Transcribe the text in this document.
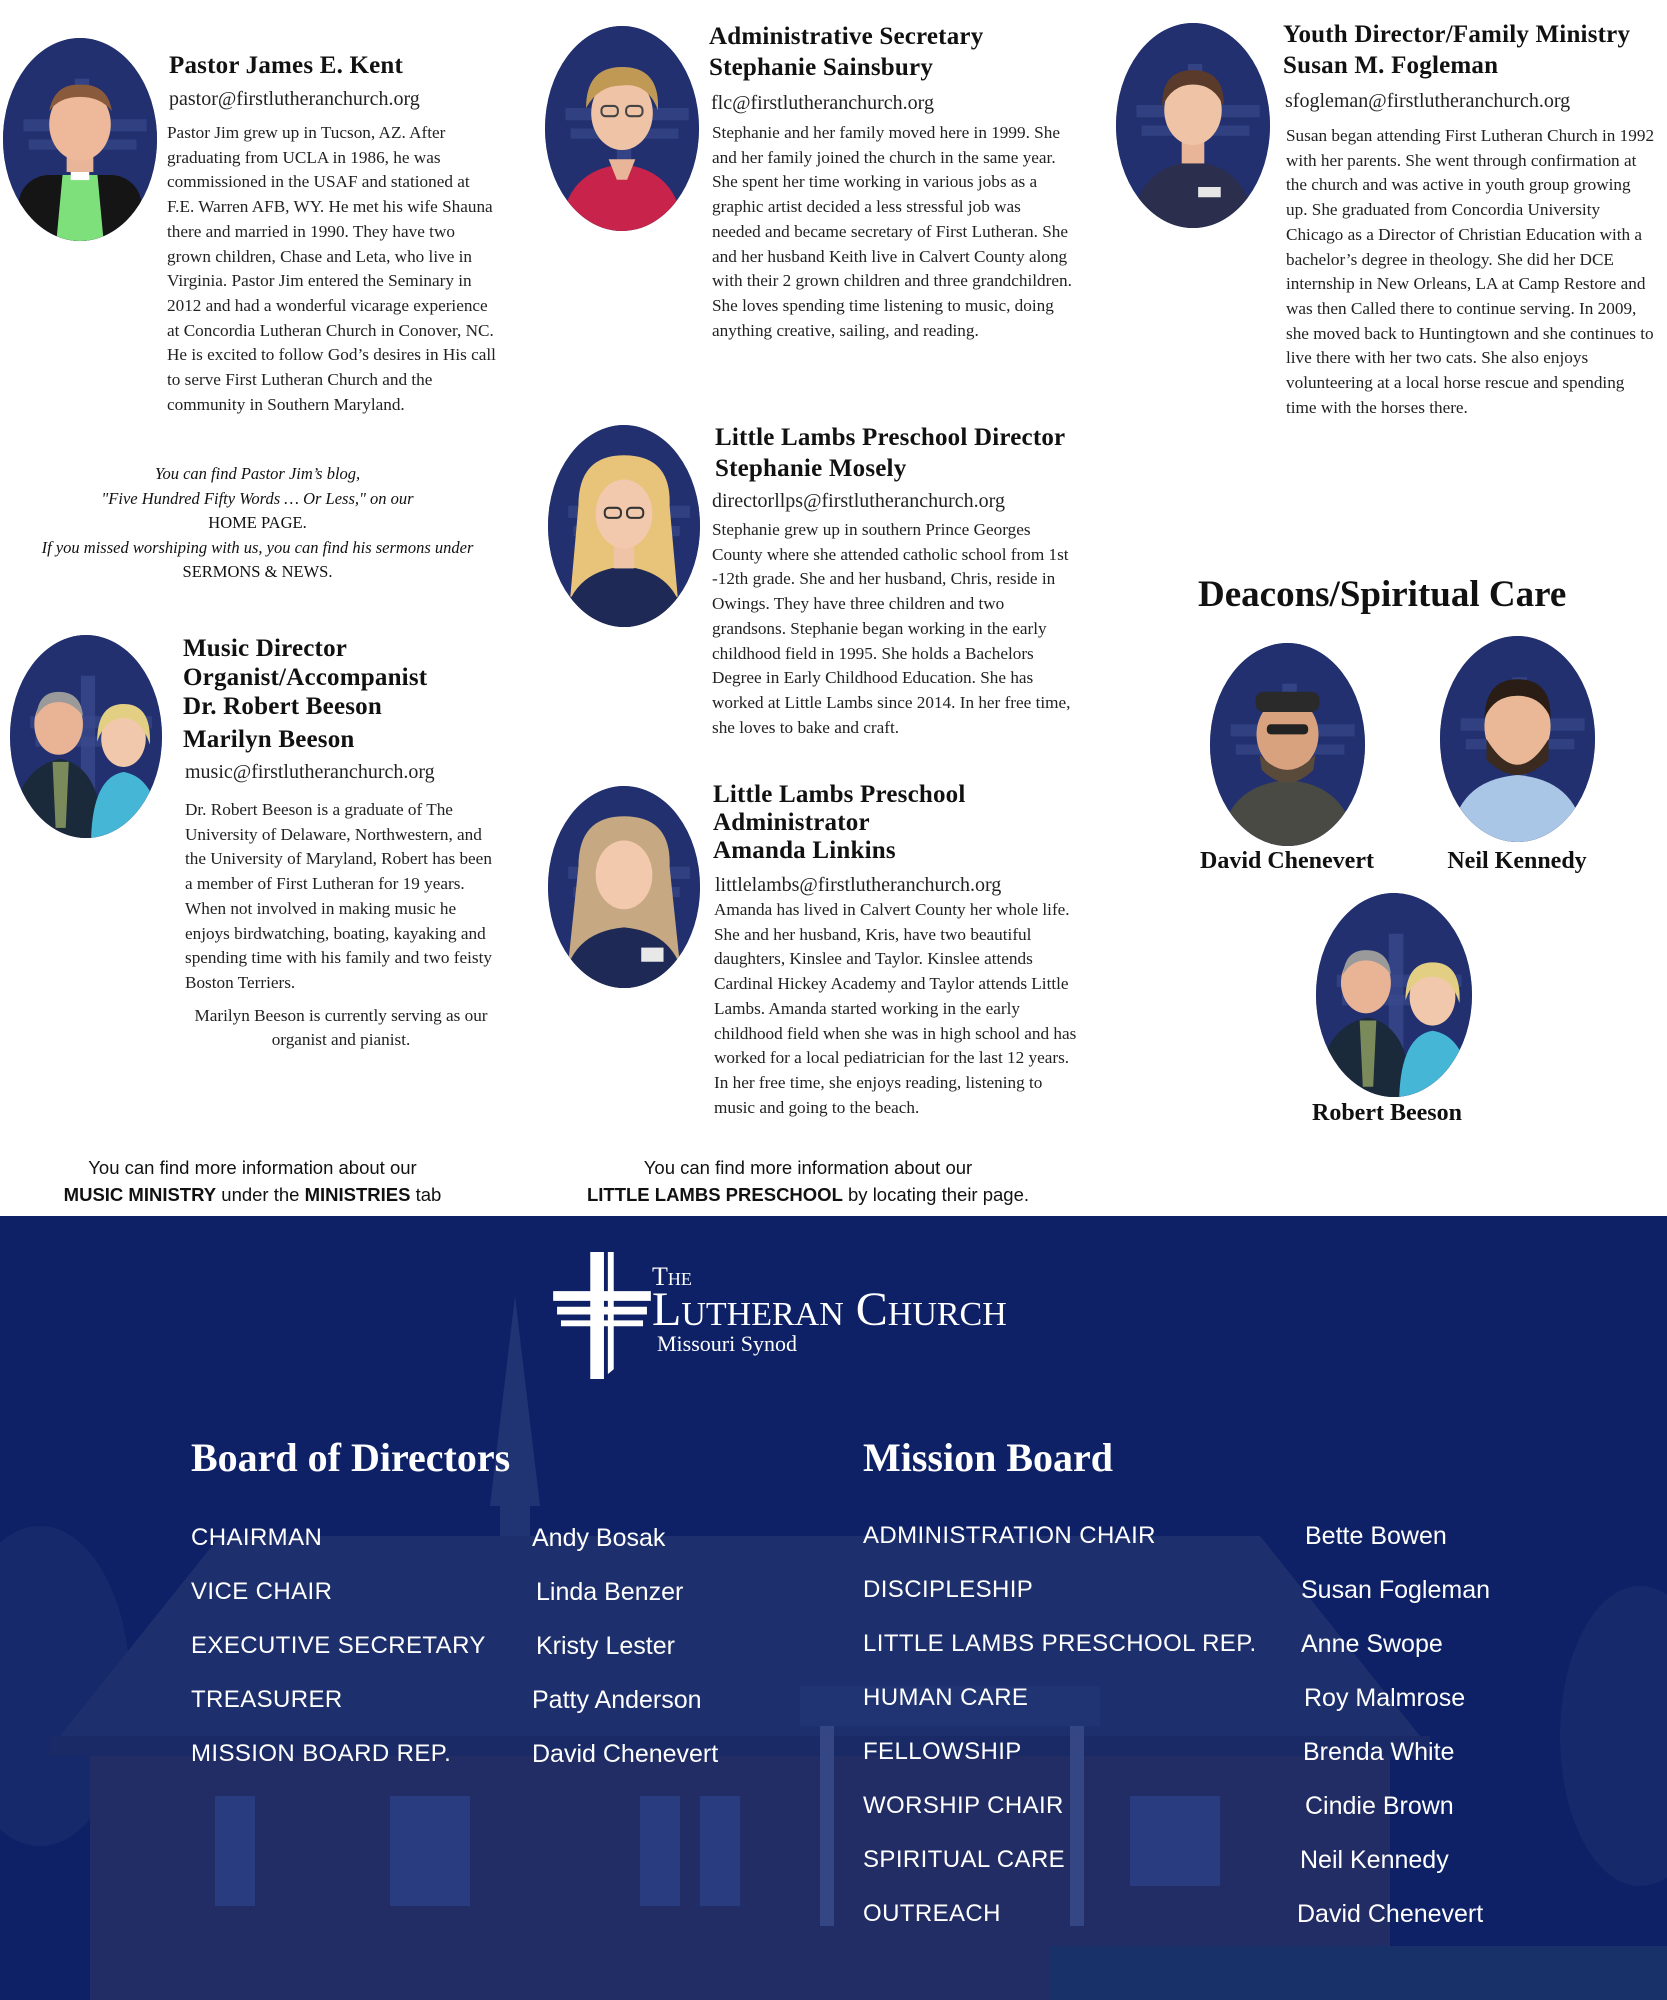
Pastor James E. Kent
pastor@firstlutheranchurch.org

Pastor Jim grew up in Tucson, AZ. After graduating from UCLA in 1986, he was commissioned in the USAF and stationed at F.E. Warren AFB, WY. He met his wife Shauna there and married in 1990. They have two grown children, Chase and Leta, who live in Virginia. Pastor Jim entered the Seminary in 2012 and had a wonderful vicarage experience at Concordia Lutheran Church in Conover, NC. He is excited to follow God’s desires in His call to serve First Lutheran Church and the community in Southern Maryland.

You can find Pastor Jim’s blog,
"Five Hundred Fifty Words … Or Less," on our
HOME PAGE.
If you missed worshiping with us, you can find his sermons under
SERMONS & NEWS.
Administrative Secretary
Stephanie Sainsbury
flc@firstlutheranchurch.org

Stephanie and her family moved here in 1999. She and her family joined the church in the same year. She spent her time working in various jobs as a graphic artist decided a less stressful job was needed and became secretary of First Lutheran. She and her husband Keith live in Calvert County along with their 2 grown children and three grandchildren. She loves spending time listening to music, doing anything creative, sailing, and reading.

Youth Director/Family Ministry
Susan M. Fogleman
sfogleman@firstlutheranchurch.org

Susan began attending First Lutheran Church in 1992 with her parents. She went through confirmation at the church and was active in youth group growing up. She graduated from Concordia University Chicago as a Director of Christian Education with a bachelor’s degree in theology. She did her DCE internship in New Orleans, LA at Camp Restore and was then Called there to continue serving. In 2009, she moved back to Huntingtown and she continues to live there with her two cats. She also enjoys volunteering at a local horse rescue and spending time with the horses there.

Little Lambs Preschool Director
Stephanie Mosely
directorllps@firstlutheranchurch.org

Stephanie grew up in southern Prince Georges County where she attended catholic school from 1st -12th grade. She and her husband, Chris, reside in Owings. They have three children and two grandsons. Stephanie began working in the early childhood field in 1995. She holds a Bachelors Degree in Early Childhood Education. She has worked at Little Lambs since 2014. In her free time, she loves to bake and craft.

Music Director
Organist/Accompanist
Dr. Robert Beeson
Marilyn Beeson
music@firstlutheranchurch.org

Dr. Robert Beeson is a graduate of The University of Delaware, Northwestern, and the University of Maryland, Robert has been a member of First Lutheran for 19 years. When not involved in making music he enjoys birdwatching, boating, kayaking and spending time with his family and two feisty Boston Terriers.

Marilyn Beeson is currently serving as our organist and pianist.

Little Lambs Preschool
Administrator
Amanda Linkins
littlelambs@firstlutheranchurch.org

Amanda has lived in Calvert County her whole life. She and her husband, Kris, have two beautiful daughters, Kinslee and Taylor. Kinslee attends Cardinal Hickey Academy and Taylor attends Little Lambs. Amanda started working in the early childhood field when she was in high school and has worked for a local pediatrician for the last 12 years. In her free time, she enjoys reading, listening to music and going to the beach.

You can find more information about our
MUSIC MINISTRY under the MINISTRIES tab
You can find more information about our
LITTLE LAMBS PRESCHOOL by locating their page.
Deacons/Spiritual Care
David Chenevert	Neil Kennedy
Robert Beeson
The
Lutheran Church
Missouri Synod
Board of Directors
CHAIRMAN	Andy Bosak
VICE CHAIR	Linda Benzer
EXECUTIVE SECRETARY Kristy Lester
TREASURER	Patty Anderson
MISSION BOARD REP.	David Chenevert
Mission Board
ADMINISTRATION CHAIR	Bette Bowen
DISCIPLESHIP	Susan Fogleman
LITTLE LAMBS PRESCHOOL REP. Anne Swope
HUMAN CARE	Roy Malmrose
FELLOWSHIP	Brenda White
WORSHIP CHAIR	Cindie Brown
SPIRITUAL CARE	Neil Kennedy
OUTREACH	David Chenevert
